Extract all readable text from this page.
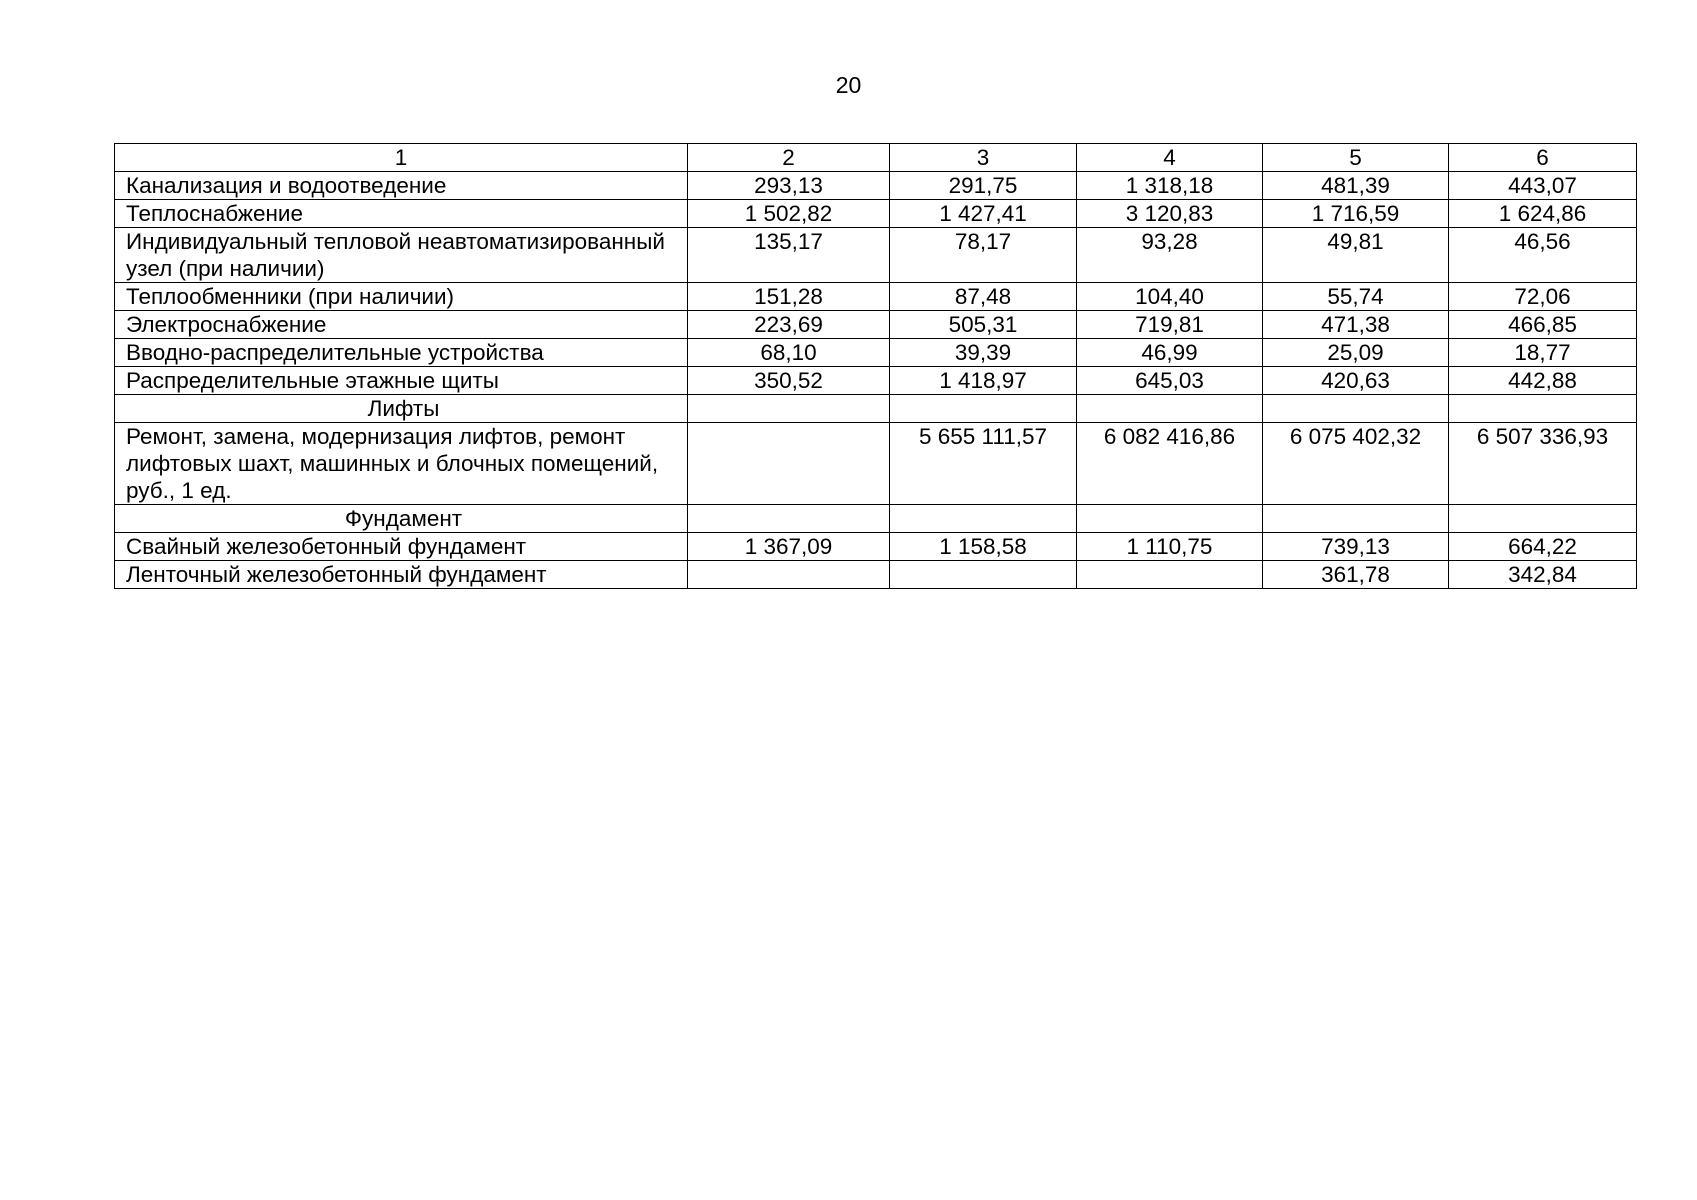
20
1	2	3	4	5	6
Канализация и водоотведение	293,13	291,75	1 318,18	481,39	443,07
Теплоснабжение	1 502,82	1 427,41	3 120,83	1 716,59	1 624,86
Индивидуальный тепловой неавтоматизированный узел (при наличии)	135,17	78,17	93,28	49,81	46,56
Теплообменники (при наличии)	151,28	87,48	104,40	55,74	72,06
Электроснабжение	223,69	505,31	719,81	471,38	466,85
Вводно-распределительные устройства	68,10	39,39	46,99	25,09	18,77
Распределительные этажные щиты	350,52	1 418,97	645,03	420,63	442,88
Лифты					
Ремонт, замена, модернизация лифтов, ремонт лифтовых шахт, машинных и блочных помещений, руб., 1 ед.		5 655 111,57	6 082 416,86	6 075 402,32	6 507 336,93
Фундамент					
Свайный железобетонный фундамент	1 367,09	1 158,58	1 110,75	739,13	664,22
Ленточный железобетонный фундамент				361,78	342,84
